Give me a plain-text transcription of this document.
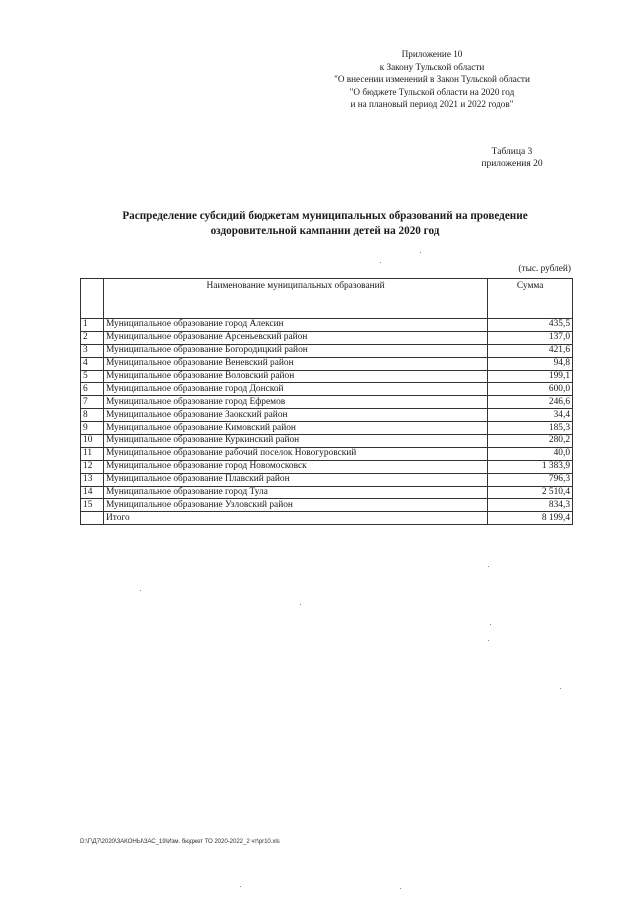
Приложение 10
к Закону Тульской области
"О внесении изменений в Закон Тульской области
"О бюджете Тульской области на 2020 год
и на плановый период 2021 и 2022 годов"
Таблица 3
приложения 20
Распределение субсидий бюджетам муниципальных образований на проведение
оздоровительной кампании детей на 2020 год
(тыс. рублей)
	Наименование муниципальных образований	Сумма
1	Муниципальное образование город Алексин	435,5
2	Муниципальное образование Арсеньевский район	137,0
3	Муниципальное образование Богородицкий район	421,6
4	Муниципальное образование Веневский район	94,8
5	Муниципальное образование Воловский район	199,1
6	Муниципальное образование город Донской	600,0
7	Муниципальное образование город Ефремов	246,6
8	Муниципальное образование Заокский район	34,4
9	Муниципальное образование Кимовский район	185,3
10	Муниципальное образование Куркинский район	280,2
11	Муниципальное образование рабочий поселок Новогуровский	40,0
12	Муниципальное образование город Новомосковск	1 383,9
13	Муниципальное образование Плавский район	796,3
14	Муниципальное образование город Тула	2 510,4
15	Муниципальное образование Узловский район	834,3
	Итого	8 199,4
D:\Г\Д7\2020\ЗАКОНЫ\ЗАС_19\Изм. бюджет ТО 2020-2022_2 чт\pr10.xls
